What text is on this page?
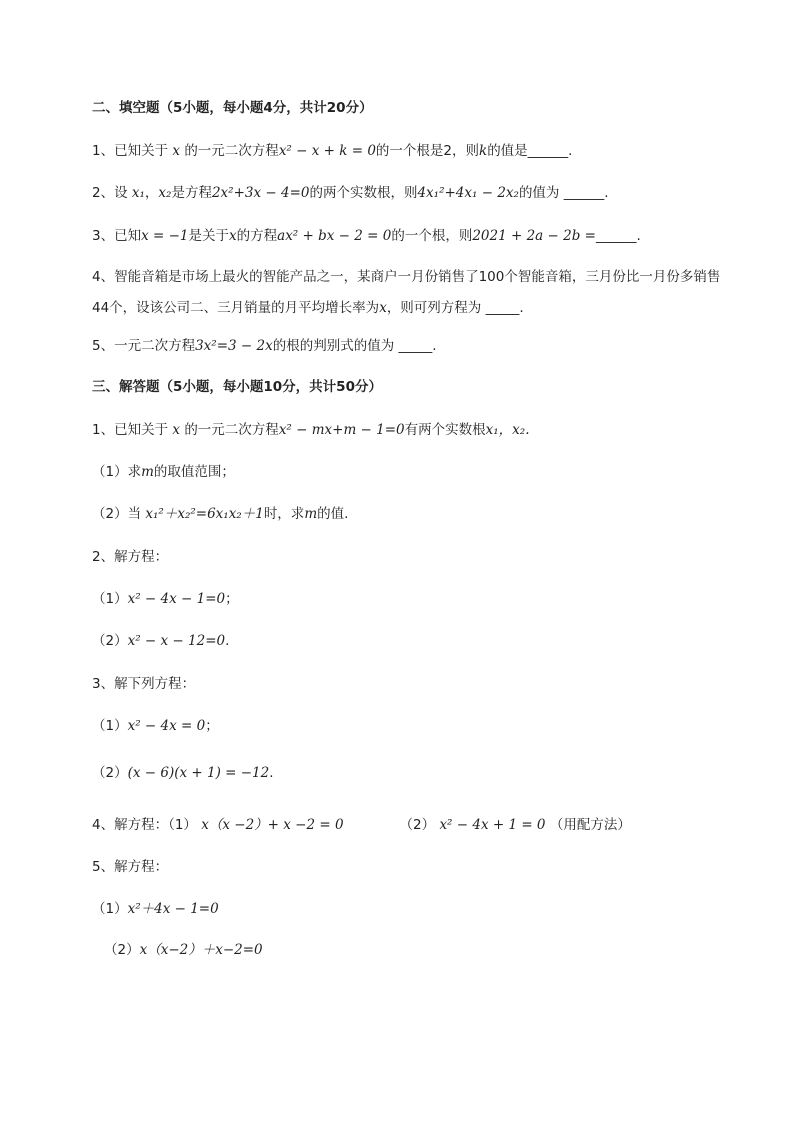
二、填空题（5小题，每小题4分，共计20分）
1、已知关于 x 的一元二次方程x² − x + k = 0的一个根是2，则k的值是______.
2、设 x₁，x₂是方程2x²+3x − 4=0的两个实数根，则4x₁²+4x₁ − 2x₂的值为 ______.
3、已知x = −1是关于x的方程ax² + bx − 2 = 0的一个根，则2021 + 2a − 2b =______.
4、智能音箱是市场上最火的智能产品之一，某商户一月份销售了100个智能音箱，三月份比一月份多销售44个，设该公司二、三月销量的月平均增长率为x，则可列方程为 _____.
5、一元二次方程3x²=3 − 2x的根的判别式的值为 _____.
三、解答题（5小题，每小题10分，共计50分）
1、已知关于 x 的一元二次方程x² − mx+m − 1=0有两个实数根x₁，x₂.
（1）求m的取值范围；
（2）当 x₁²＋x₂²=6x₁x₂＋1时，求m的值.
2、解方程：
（1）x² − 4x − 1=0；
（2）x² − x − 12=0.
3、解下列方程：
（1）x² − 4x = 0；
（2）(x − 6)(x + 1) = −12.
4、解方程：（1） x（x −2）+ x −2 = 0	（2） x² − 4x + 1 = 0 （用配方法）
5、解方程：
（1）x²＋4x − 1=0
（2）x（x−2）＋x−2=0
